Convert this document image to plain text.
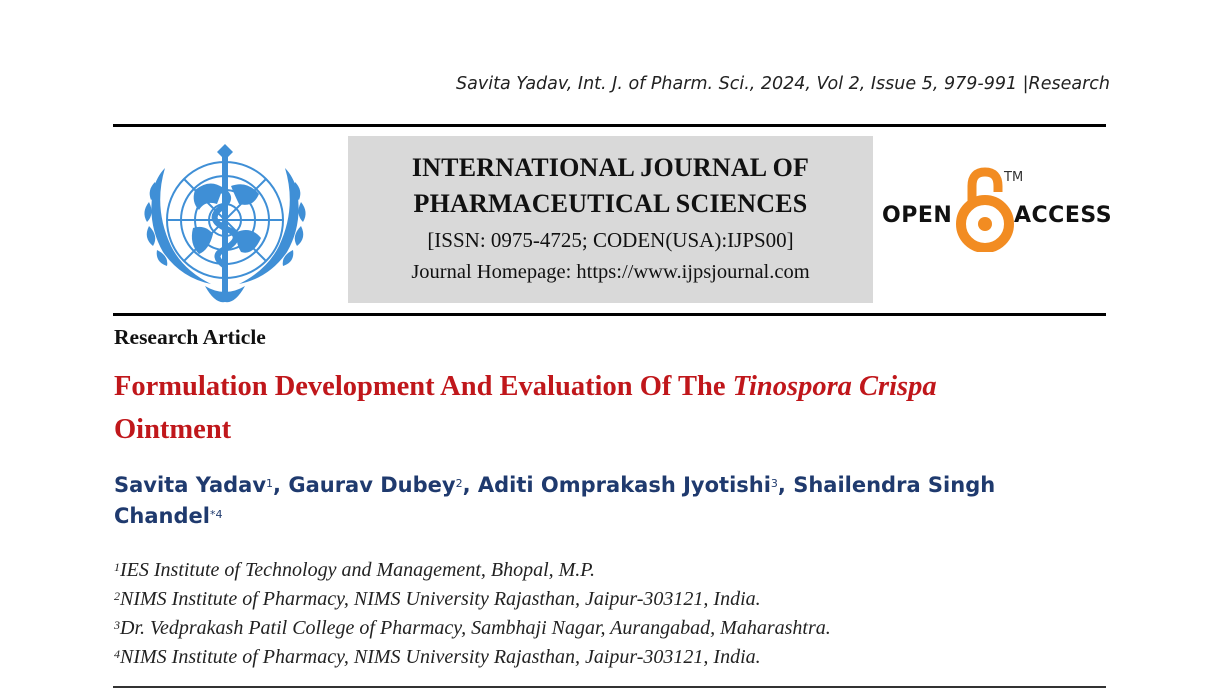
Savita Yadav, Int. J. of Pharm. Sci., 2024, Vol 2, Issue 5, 979-991 |Research
INTERNATIONAL JOURNAL OF
PHARMACEUTICAL SCIENCES
[ISSN: 0975-4725; CODEN(USA):IJPS00]
Journal Homepage: https://www.ijpsjournal.com
OPEN
TM
ACCESS
Research Article
Formulation Development And Evaluation Of The Tinospora Crispa
Ointment
Savita Yadav$^1$, Gaurav Dubey$^2$, Aditi Omprakash Jyotishi$^3$, Shailendra Singh Chandel$^{*4}$
$^1$IES Institute of Technology and Management, Bhopal, M.P.
$^2$NIMS Institute of Pharmacy, NIMS University Rajasthan, Jaipur-303121, India.
$^3$Dr. Vedprakash Patil College of Pharmacy, Sambhaji Nagar, Aurangabad, Maharashtra.
$^4$NIMS Institute of Pharmacy, NIMS University Rajasthan, Jaipur-303121, India.
